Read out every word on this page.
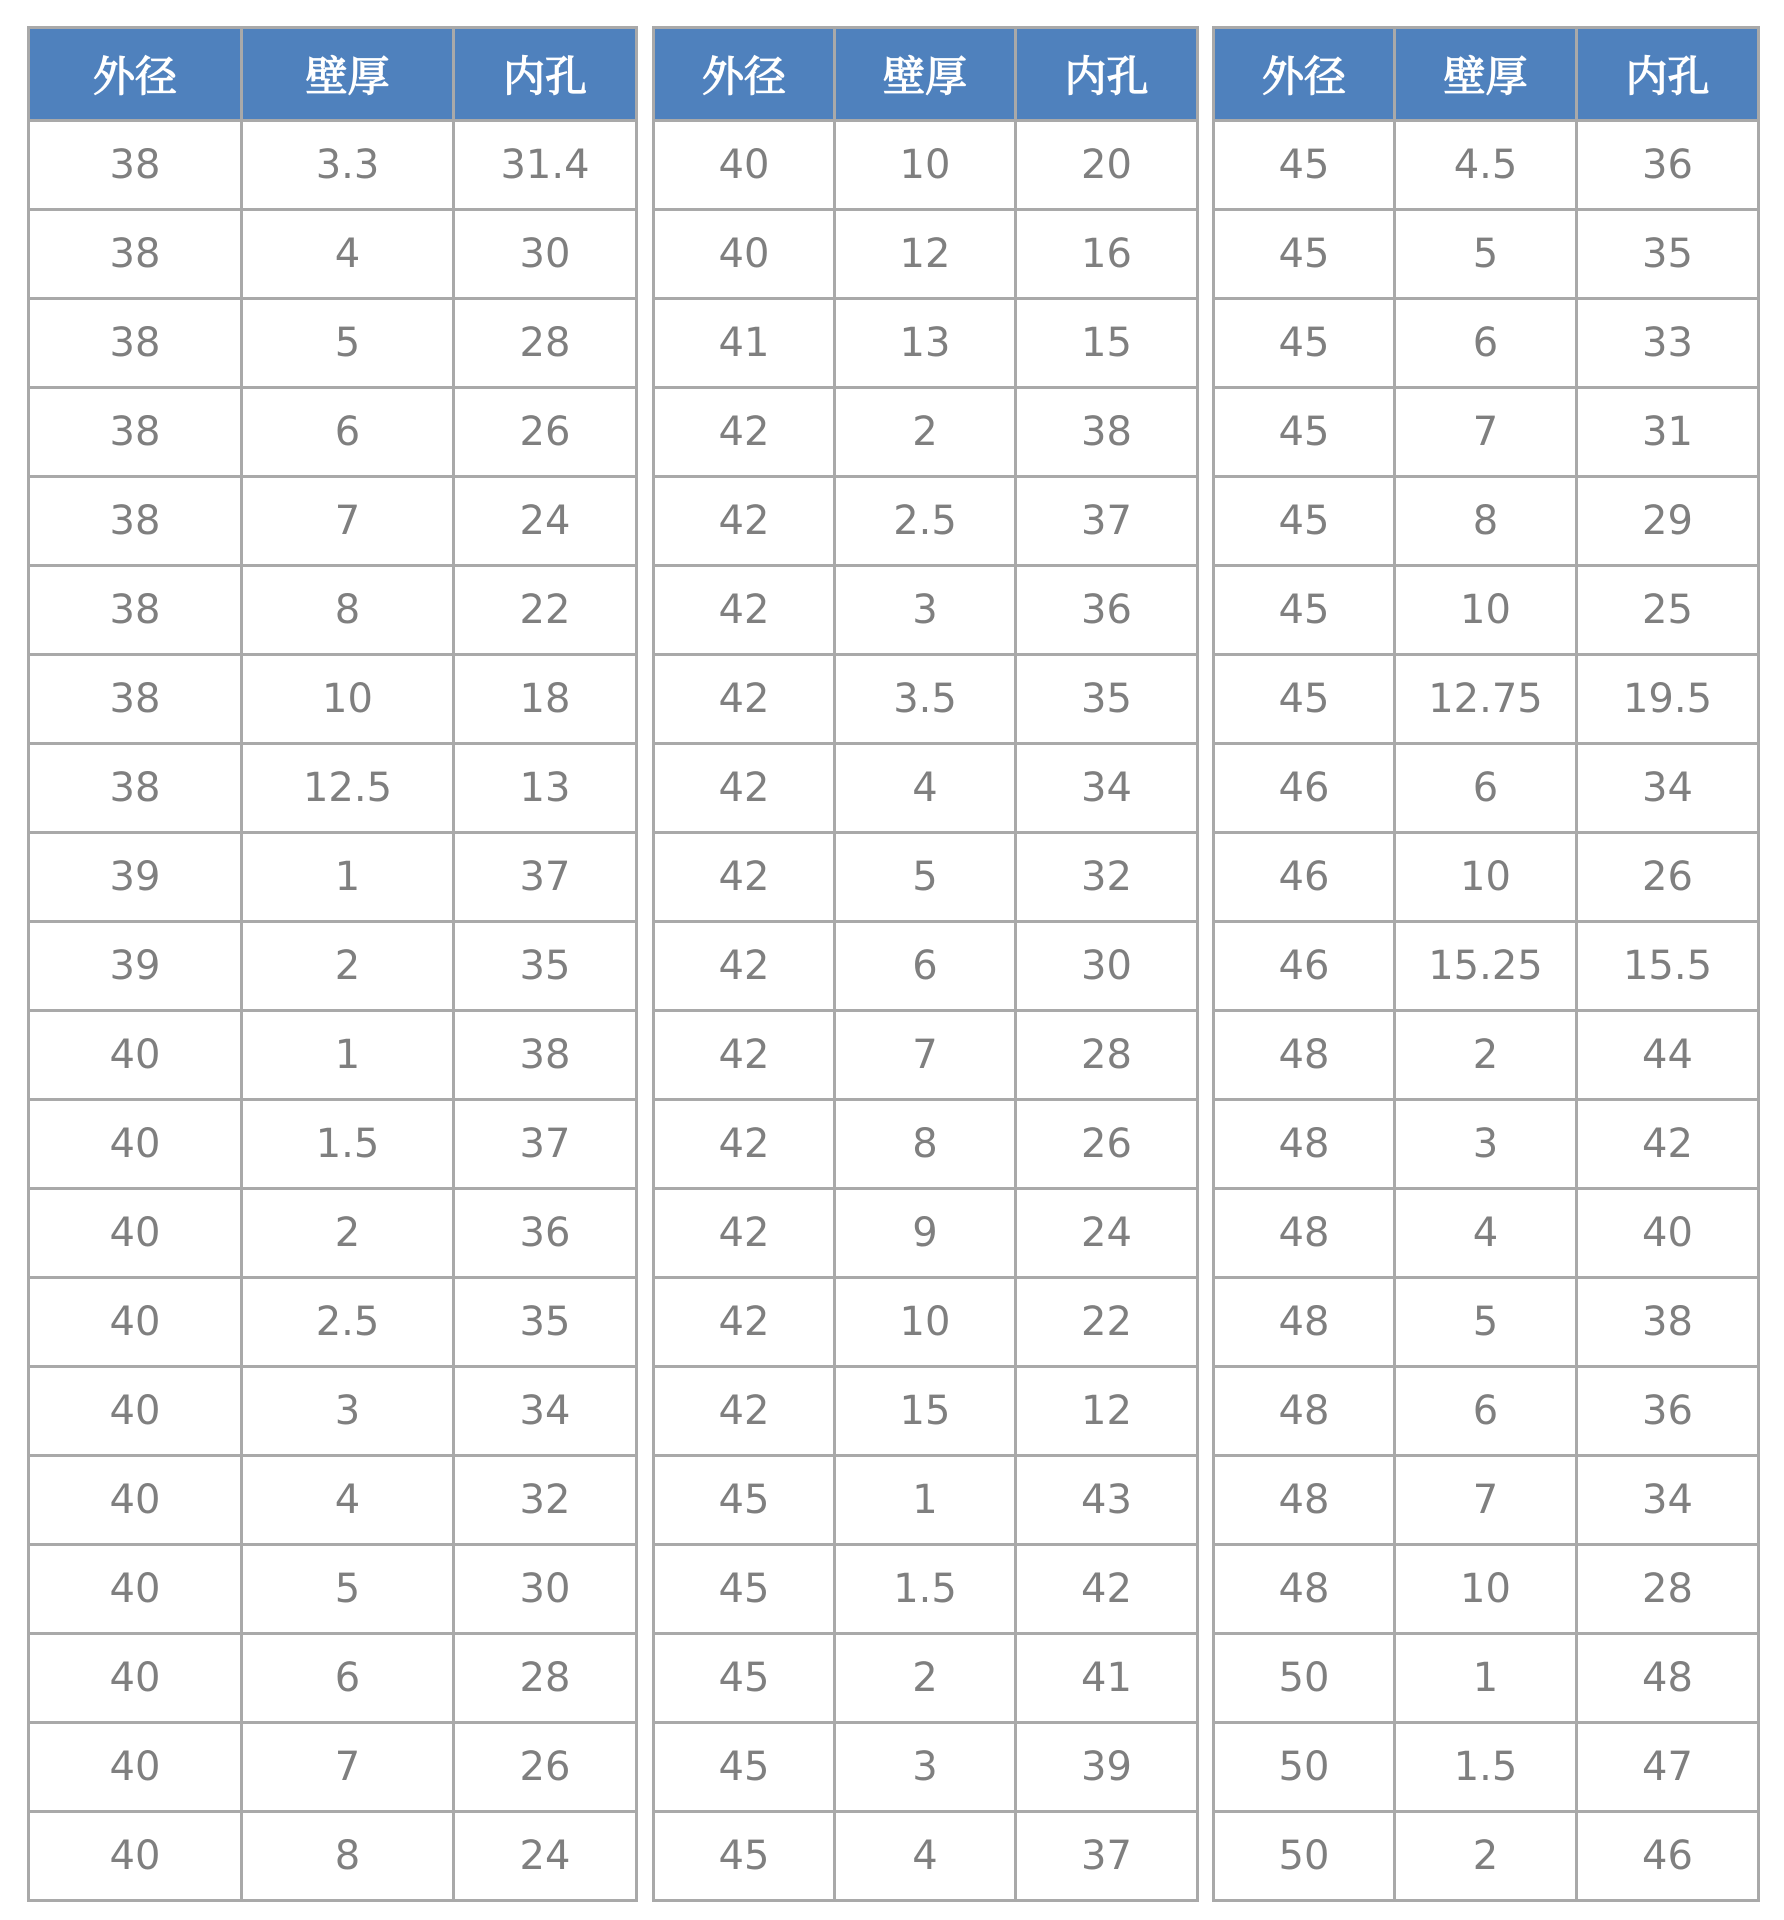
外径	壁厚	内孔
38	3.3	31.4
38	4	30
38	5	28
38	6	26
38	7	24
38	8	22
38	10	18
38	12.5	13
39	1	37
39	2	35
40	1	38
40	1.5	37
40	2	36
40	2.5	35
40	3	34
40	4	32
40	5	30
40	6	28
40	7	26
40	8	24
外径	壁厚	内孔
40	10	20
40	12	16
41	13	15
42	2	38
42	2.5	37
42	3	36
42	3.5	35
42	4	34
42	5	32
42	6	30
42	7	28
42	8	26
42	9	24
42	10	22
42	15	12
45	1	43
45	1.5	42
45	2	41
45	3	39
45	4	37
外径	壁厚	内孔
45	4.5	36
45	5	35
45	6	33
45	7	31
45	8	29
45	10	25
45	12.75	19.5
46	6	34
46	10	26
46	15.25	15.5
48	2	44
48	3	42
48	4	40
48	5	38
48	6	36
48	7	34
48	10	28
50	1	48
50	1.5	47
50	2	46
